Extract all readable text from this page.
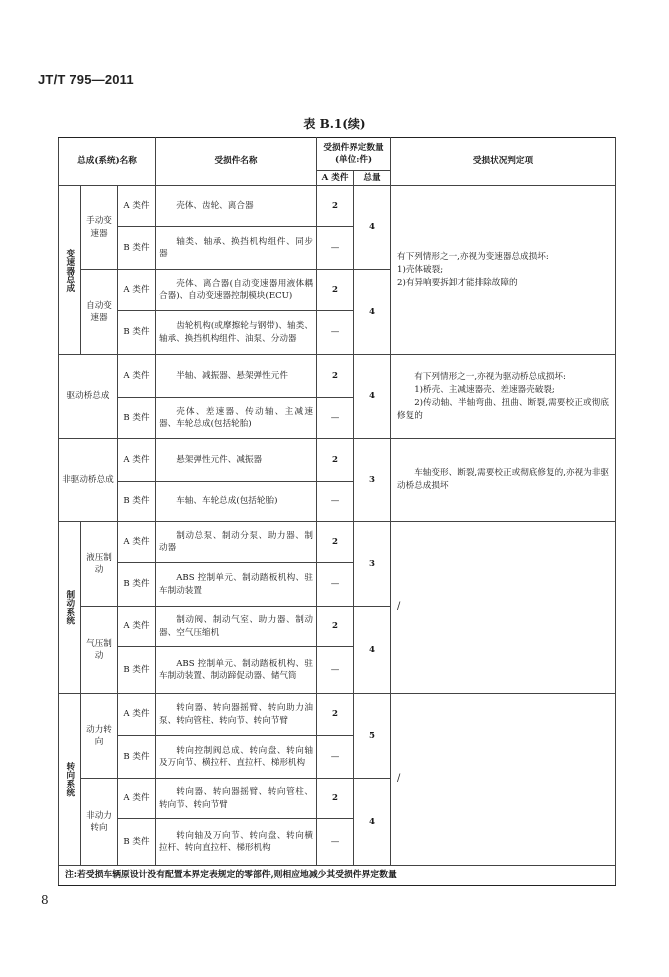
JT/T 795—2011
表 B.1(续)
总成(系统)名称			受损件名称	受损件界定数量(单位:件)		受损状况判定项
				A 类件	总量	
变速器总成	手动变速器	A 类件	壳体、齿轮、离合器	2	4	有下列情形之一,亦视为变速器总成损坏:

1)壳体破裂;

2)有异响要拆卸才能排除故障的

		B 类件	轴类、轴承、换挡机构组件、同步器	—		
	自动变速器	A 类件	壳体、离合器(自动变速器用液体耦合器)、自动变速器控制模块(ECU)	2	4	
		B 类件	齿轮机构(或摩擦轮与钢带)、轴类、轴承、换挡机构组件、油泵、分动器	—		
驱动桥总成		A 类件	半轴、减振器、悬架弹性元件	2	4	有下列情形之一,亦视为驱动桥总成损坏:

1)桥壳、主减速器壳、差速器壳破裂;

2)传动轴、半轴弯曲、扭曲、断裂,需要校正或彻底修复的

		B 类件	壳体、差速器、传动轴、主减速器、车轮总成(包括轮胎)	—		
非驱动桥总成		A 类件	悬架弹性元件、减振器	2	3	车轴变形、断裂,需要校正或彻底修复的,亦视为非驱动桥总成损坏

		B 类件	车轴、车轮总成(包括轮胎)	—		
制动系统	液压制动	A 类件	制动总泵、制动分泵、助力器、制动器	2	3	/
		B 类件	ABS 控制单元、制动踏板机构、驻车制动装置	—		
	气压制动	A 类件	制动阀、制动气室、助力器、制动器、空气压缩机	2	4	
		B 类件	ABS 控制单元、制动踏板机构、驻车制动装置、制动蹄促动器、储气筒	—		
转向系统	动力转向	A 类件	转向器、转向器摇臂、转向助力油泵、转向管柱、转向节、转向节臂	2	5	/
		B 类件	转向控制阀总成、转向盘、转向轴及万向节、横拉杆、直拉杆、梯形机构	—		
	非动力转向	A 类件	转向器、转向器摇臂、转向管柱、转向节、转向节臂	2	4	
		B 类件	转向轴及万向节、转向盘、转向横拉杆、转向直拉杆、梯形机构	—		
注:若受损车辆原设计没有配置本界定表规定的零部件,则相应地减少其受损件界定数量						
8
